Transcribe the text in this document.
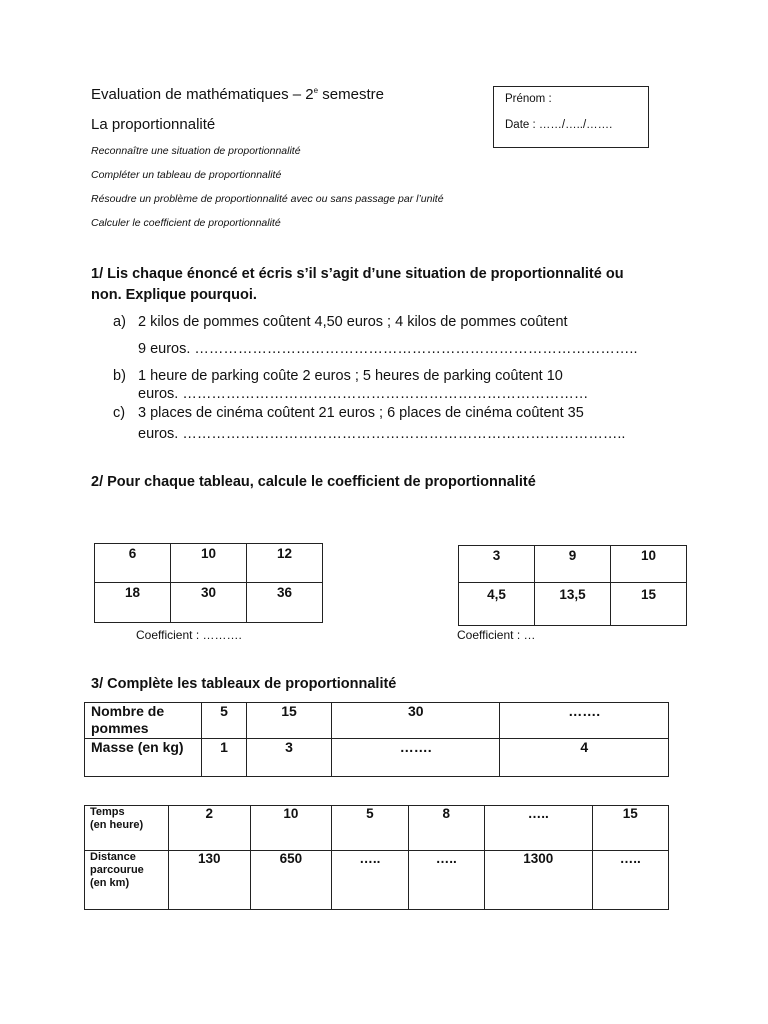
Evaluation de mathématiques – 2e semestre
La proportionnalité
Reconnaître une situation de proportionnalité
Compléter un tableau de proportionnalité
Résoudre un problème de proportionnalité avec ou sans passage par l’unité
Calculer le coefficient de proportionnalité
Prénom :
Date : ……/…../…….
1/ Lis chaque énoncé et écris s’il s’agit d’une situation de proportionnalité ou
non. Explique pourquoi.
a) 2 kilos de pommes coûtent 4,50 euros ; 4 kilos de pommes coûtent
9 euros. ………………………………………………………………………………..
b) 1 heure de parking coûte 2 euros ; 5 heures de parking coûtent 10
euros. …………………………………………………………………………
c) 3 places de cinéma coûtent 21 euros ; 6 places de cinéma coûtent 35
euros. ………………………………………………………………………………..
2/ Pour chaque tableau, calcule le coefficient de proportionnalité
6	10	12

18	30	36
Coefficient : ……….
3	9	10

4,5	13,5	15
Coefficient : …
3/ Complète les tableaux de proportionnalité
Nombre de pommes	5	15	30	…….
Masse (en kg)	1	3	…….	4
Temps
(en heure)	2	10	5	8	…..	15

Distance
parcourue
(en km)	130	650	…..	…..	1300	…..
